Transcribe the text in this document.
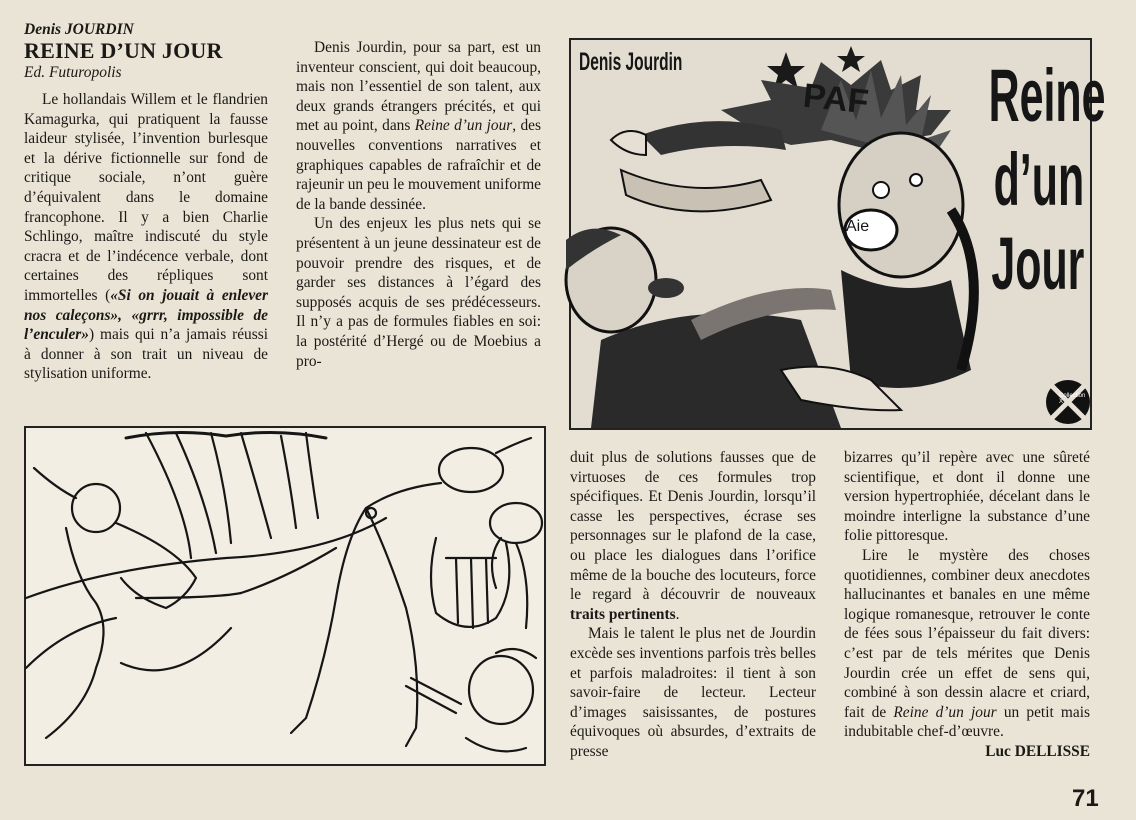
Denis JOURDIN

REINE D’UN JOUR

Ed. Futuropolis

Le hollandais Willem et le flandrien Kamagurka, qui pratiquent la fausse laideur stylisée, l’invention burlesque et la dérive fictionnelle sur fond de critique sociale, n’ont guère d’équivalent dans le domaine francophone. Il y a bien Charlie Schlingo, maître indiscuté du style cracra et de l’indécence verbale, dont certaines des répliques sont immortelles («Si on jouait à enlever nos caleçons», «grrr, impossible de l’enculer») mais qui n’a jamais réussi à donner à son trait un niveau de stylisation uniforme.

Denis Jourdin, pour sa part, est un inventeur conscient, qui doit beaucoup, mais non l’essentiel de son talent, aux deux grands étrangers précités, et qui met au point, dans Reine d’un jour, des nouvelles conventions narratives et graphiques capables de rafraîchir et de rajeunir un peu le mouvement uniforme de la bande dessinée.

Un des enjeux les plus nets qui se présentent à un jeune dessinateur est de pouvoir prendre des risques, et de garder ses distances à l’égard des supposés acquis de ses prédécesseurs. Il n’y a pas de formules fiables en soi: la postérité d’Hergé ou de Moebius a pro-

Denis Jourdin
PAF
Aie
Reine
d’un
Jour
Collection X

duit plus de solutions fausses que de virtuoses de ces formules trop spécifiques. Et Denis Jourdin, lorsqu’il casse les perspectives, écrase ses personnages sur le plafond de la case, ou place les dialogues dans l’orifice même de la bouche des locuteurs, force le regard à découvrir de nouveaux traits pertinents.

Mais le talent le plus net de Jourdin excède ses inventions parfois très belles et parfois maladroites: il tient à son savoir-faire de lecteur. Lecteur d’images saisissantes, de postures équivoques où absurdes, d’extraits de presse

bizarres qu’il repère avec une sûreté scientifique, et dont il donne une version hypertrophiée, décelant dans le moindre interligne la substance d’une folie pittoresque.

Lire le mystère des choses quotidiennes, combiner deux anecdotes hallucinantes et banales en une même logique romanesque, retrouver le conte de fées sous l’épaisseur du fait divers: c’est par de tels mérites que Denis Jourdin crée un effet de sens qui, combiné à son dessin alacre et criard, fait de Reine d’un jour un petit mais indubitable chef-d’œuvre.

Luc DELLISSE

71
